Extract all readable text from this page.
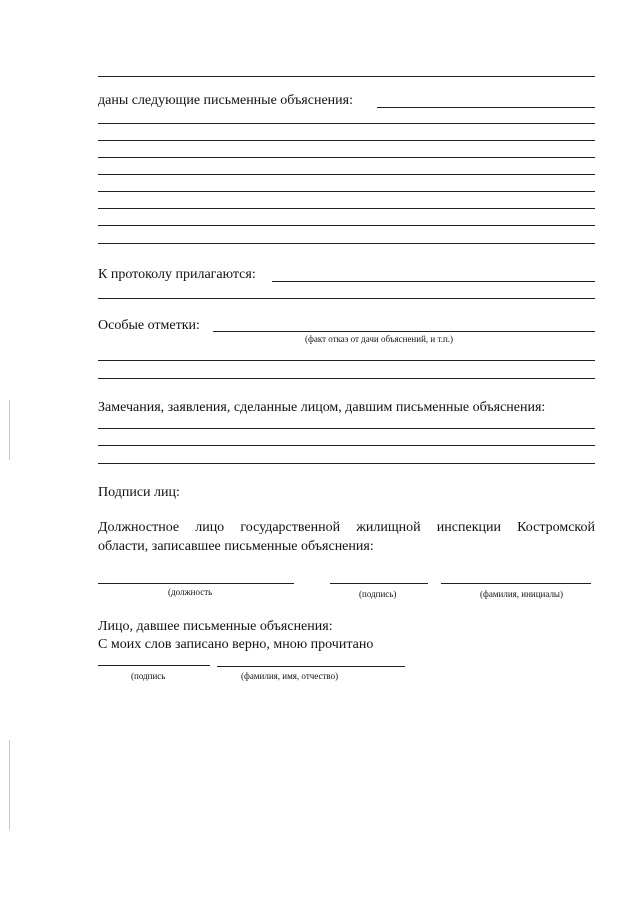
даны следующие письменные объяснения:
К протоколу прилагаются:
Особые отметки:
(факт отказ от дачи объяснений, и т.п.)
Замечания, заявления, сделанные лицом, давшим письменные объяснения:
Подписи лиц:
Должностное лицо государственной жилищной инспекции Костромской
области, записавшее письменные объяснения:
(должность	(подпись)	(фамилия, инициалы)
Лицо, давшее письменные объяснения:
С моих слов записано верно, мною прочитано
(подпись	(фамилия, имя, отчество)
